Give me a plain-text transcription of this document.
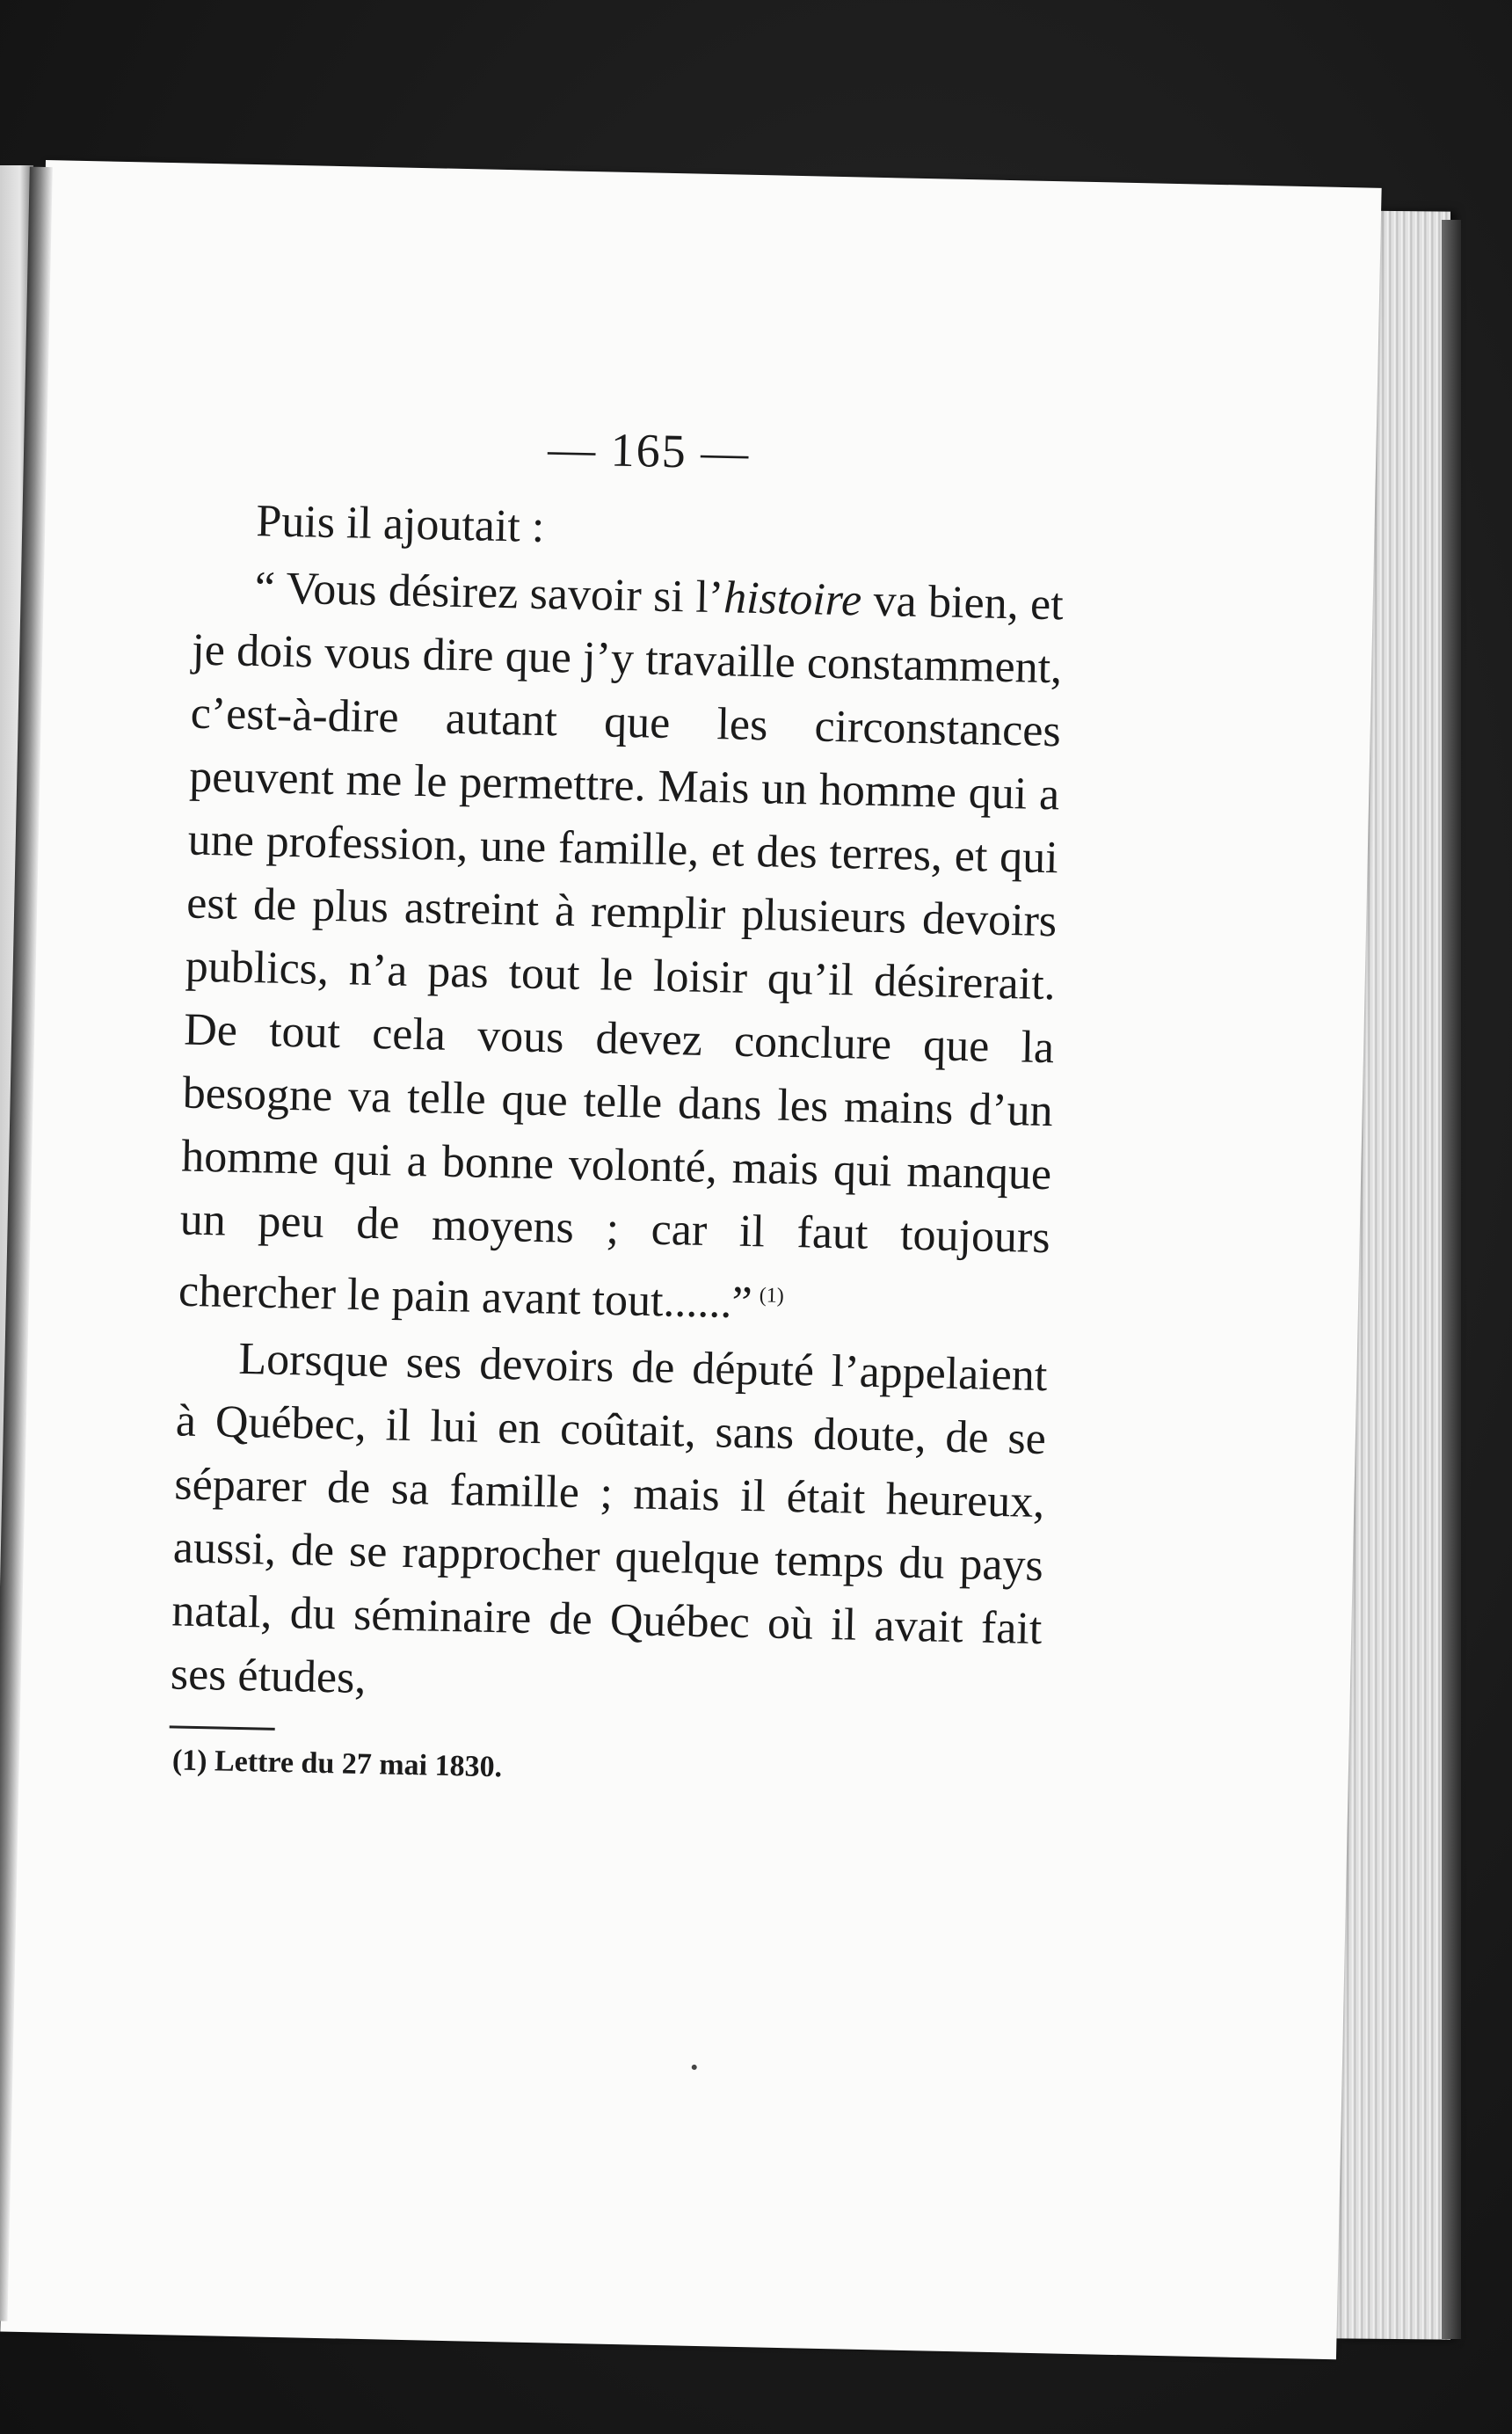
— 165 —

Puis il ajoutait :

“ Vous désirez savoir si l’histoire va bien, et je dois vous dire que j’y travaille constamment, c’est-à-dire autant que les circonstances peuvent me le permettre. Mais un homme qui a une profession, une famille, et des terres, et qui est de plus astreint à remplir plusieurs devoirs publics, n’a pas tout le loisir qu’il désirerait. De tout cela vous devez conclure que la besogne va telle que telle dans les mains d’un homme qui a bonne volonté, mais qui manque un peu de moyens ; car il faut toujours chercher le pain avant tout......” $^{(1)}$

Lorsque ses devoirs de député l’appelaient à Québec, il lui en coûtait, sans doute, de se séparer de sa famille ; mais il était heureux, aussi, de se rapprocher quelque temps du pays natal, du séminaire de Québec où il avait fait ses études,

(1) Lettre du 27 mai 1830.
